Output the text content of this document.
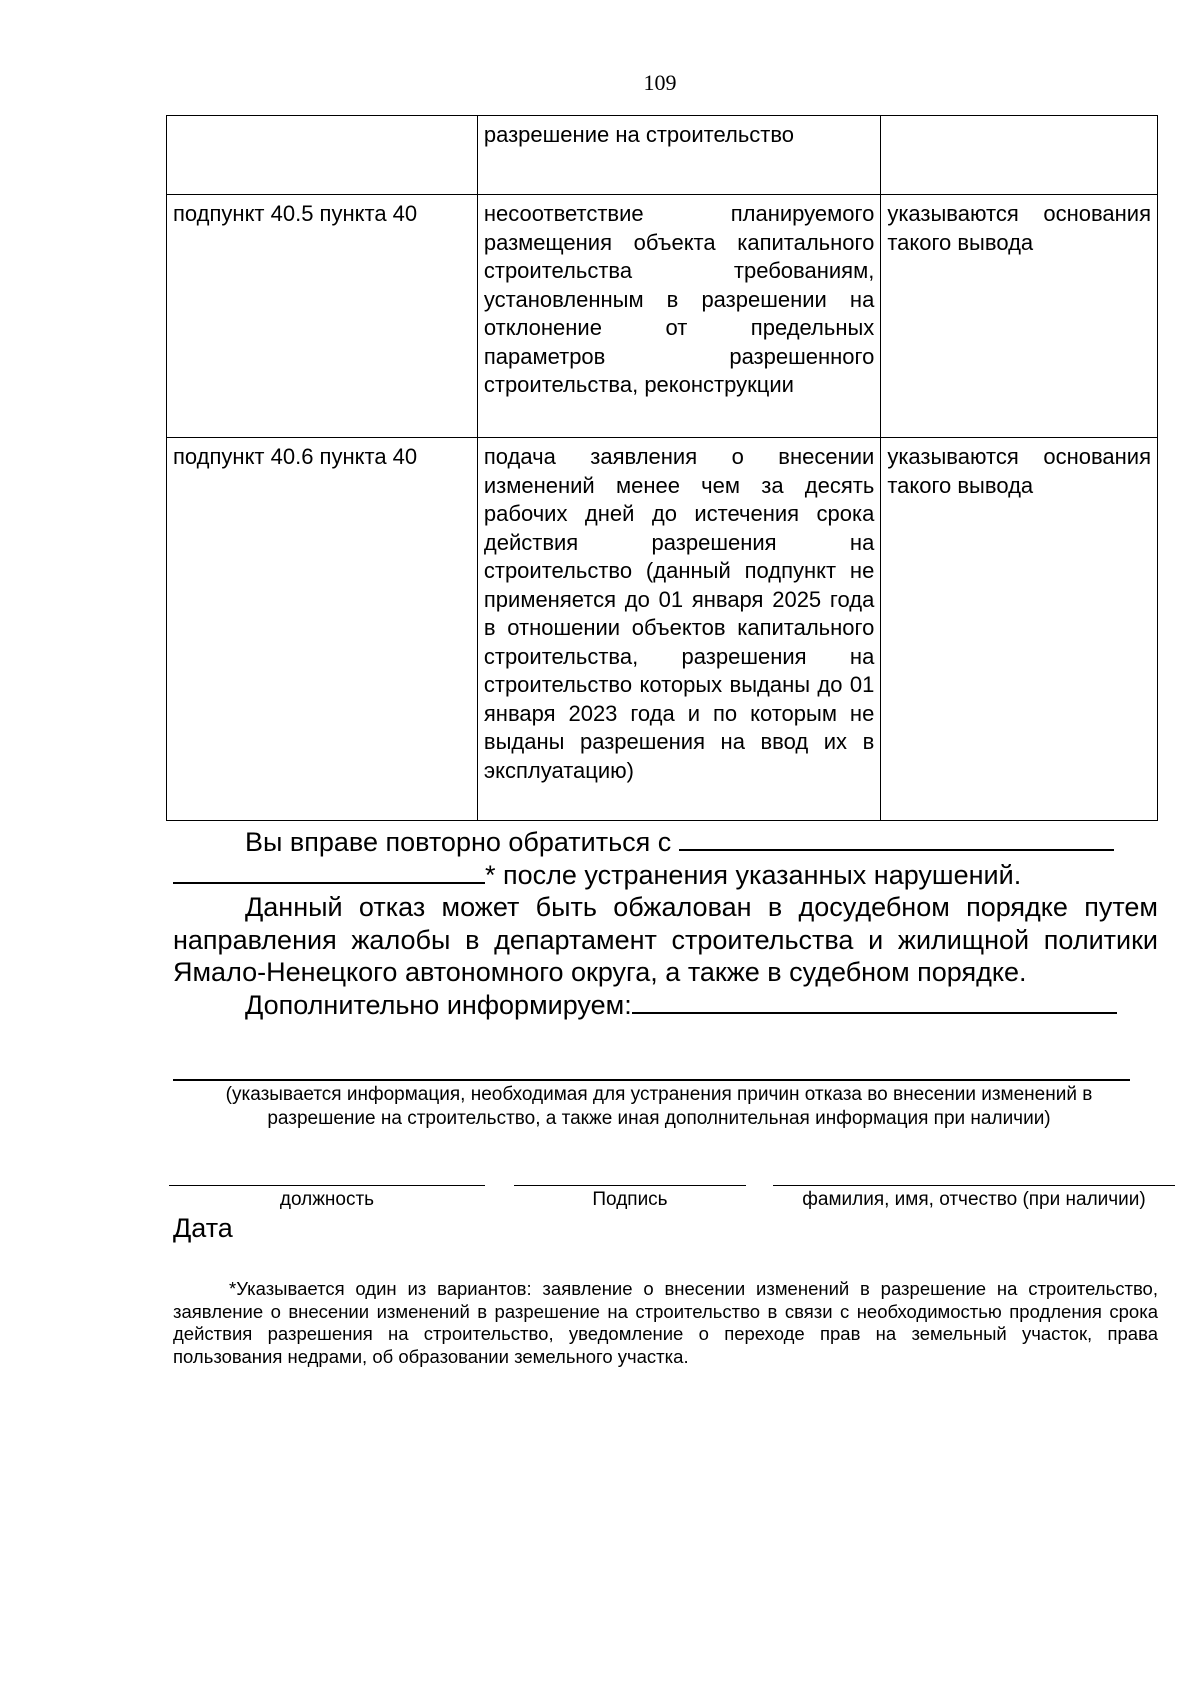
109
	разрешение на строительство	
подпункт 40.5 пункта 40	несоответствие планируемого размещения объекта капитального строительства требованиям, установленным в разрешении на отклонение от предельных параметров разрешенного строительства, реконструкции	указываются основания такого вывода
подпункт 40.6 пункта 40	подача заявления о внесении изменений менее чем за десять рабочих дней до истечения срока действия разрешения на строительство (данный подпункт не применяется до 01 января 2025 года в отношении объектов капитального строительства, разрешения на строительство которых выданы до 01 января 2023 года и по которым не выданы разрешения на ввод их в эксплуатацию)	указываются основания такого вывода

Вы вправе повторно обратиться с

* после устранения указанных нарушений.

Данный отказ может быть обжалован в досудебном порядке путем направления жалобы в департамент строительства и жилищной политики Ямало-Ненецкого автономного округа, а также в судебном порядке.

Дополнительно информируем:

(указывается информация, необходимая для устранения причин отказа во внесении изменений в
разрешение на строительство, а также иная дополнительная информация при наличии)
должность	Подпись	фамилия, имя, отчество (при наличии)
Дата

*Указывается один из вариантов: заявление о внесении изменений в разрешение на строительство, заявление о внесении изменений в разрешение на строительство в связи с необходимостью продления срока действия разрешения на строительство, уведомление о переходе прав на земельный участок, права пользования недрами, об образовании земельного участка.
